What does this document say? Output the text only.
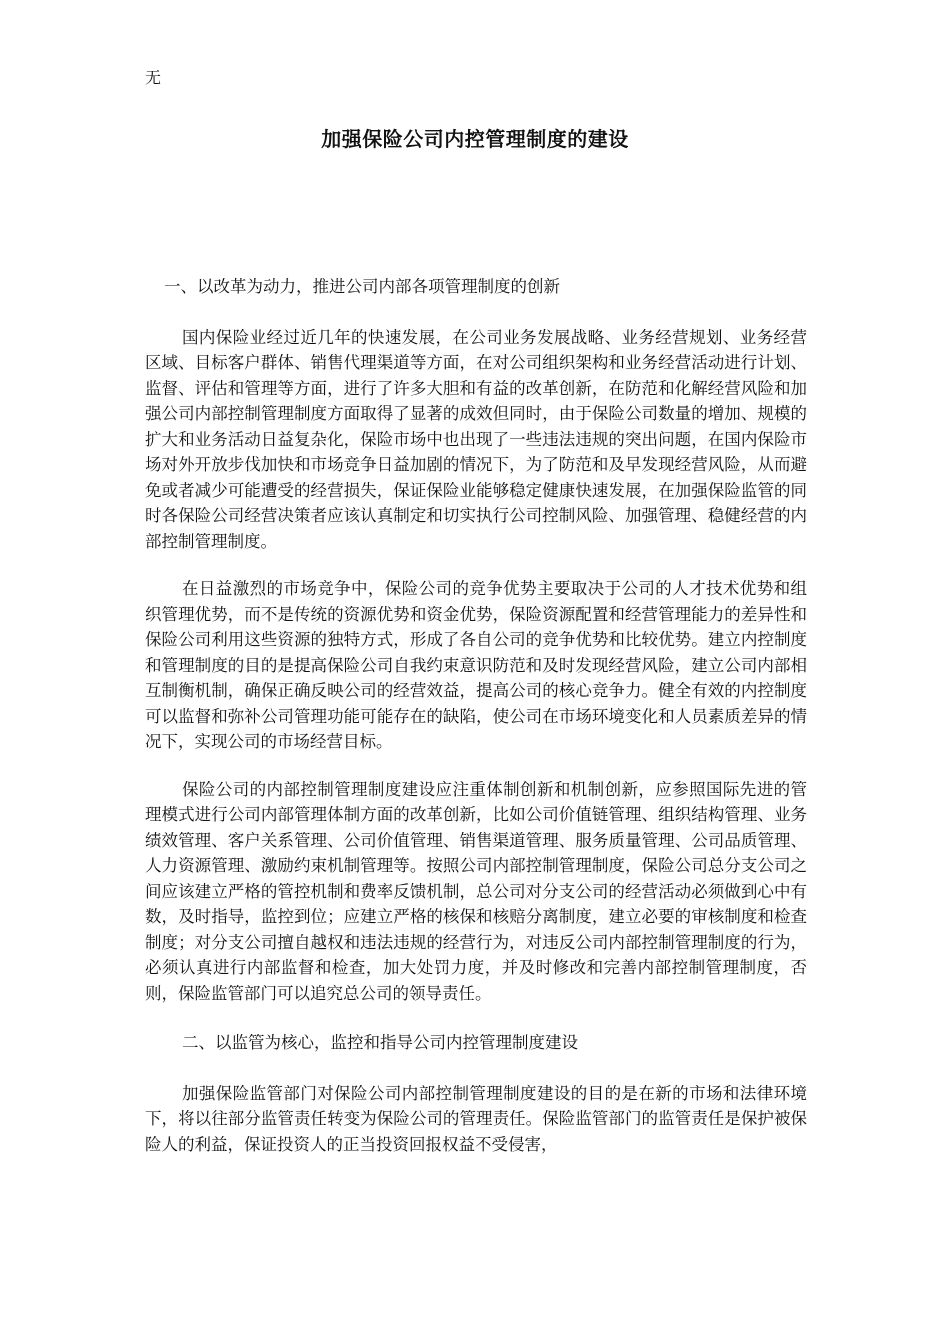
无
加强保险公司内控管理制度的建设

一、以改革为动力，推进公司内部各项管理制度的创新

国内保险业经过近几年的快速发展，在公司业务发展战略、业务经营规划、业务经营区域、目标客户群体、销售代理渠道等方面，在对公司组织架构和业务经营活动进行计划、监督、评估和管理等方面，进行了许多大胆和有益的改革创新，在防范和化解经营风险和加强公司内部控制管理制度方面取得了显著的成效但同时，由于保险公司数量的增加、规模的扩大和业务活动日益复杂化，保险市场中也出现了一些违法违规的突出问题，在国内保险市场对外开放步伐加快和市场竞争日益加剧的情况下，为了防范和及早发现经营风险，从而避免或者减少可能遭受的经营损失，保证保险业能够稳定健康快速发展，在加强保险监管的同时各保险公司经营决策者应该认真制定和切实执行公司控制风险、加强管理、稳健经营的内部控制管理制度。

在日益激烈的市场竞争中，保险公司的竞争优势主要取决于公司的人才技术优势和组织管理优势，而不是传统的资源优势和资金优势，保险资源配置和经营管理能力的差异性和保险公司利用这些资源的独特方式，形成了各自公司的竞争优势和比较优势。建立内控制度和管理制度的目的是提高保险公司自我约束意识防范和及时发现经营风险，建立公司内部相互制衡机制，确保正确反映公司的经营效益，提高公司的核心竞争力。健全有效的内控制度可以监督和弥补公司管理功能可能存在的缺陷，使公司在市场环境变化和人员素质差异的情况下，实现公司的市场经营目标。

保险公司的内部控制管理制度建设应注重体制创新和机制创新，应参照国际先进的管理模式进行公司内部管理体制方面的改革创新，比如公司价值链管理、组织结构管理、业务绩效管理、客户关系管理、公司价值管理、销售渠道管理、服务质量管理、公司品质管理、人力资源管理、激励约束机制管理等。按照公司内部控制管理制度，保险公司总分支公司之间应该建立严格的管控机制和费率反馈机制，总公司对分支公司的经营活动必须做到心中有数，及时指导，监控到位；应建立严格的核保和核赔分离制度，建立必要的审核制度和检查制度；对分支公司擅自越权和违法违规的经营行为，对违反公司内部控制管理制度的行为，必须认真进行内部监督和检查，加大处罚力度，并及时修改和完善内部控制管理制度，否则，保险监管部门可以追究总公司的领导责任。

二、以监管为核心，监控和指导公司内控管理制度建设

加强保险监管部门对保险公司内部控制管理制度建设的目的是在新的市场和法律环境下，将以往部分监管责任转变为保险公司的管理责任。保险监管部门的监管责任是保护被保险人的利益，保证投资人的正当投资回报权益不受侵害，
